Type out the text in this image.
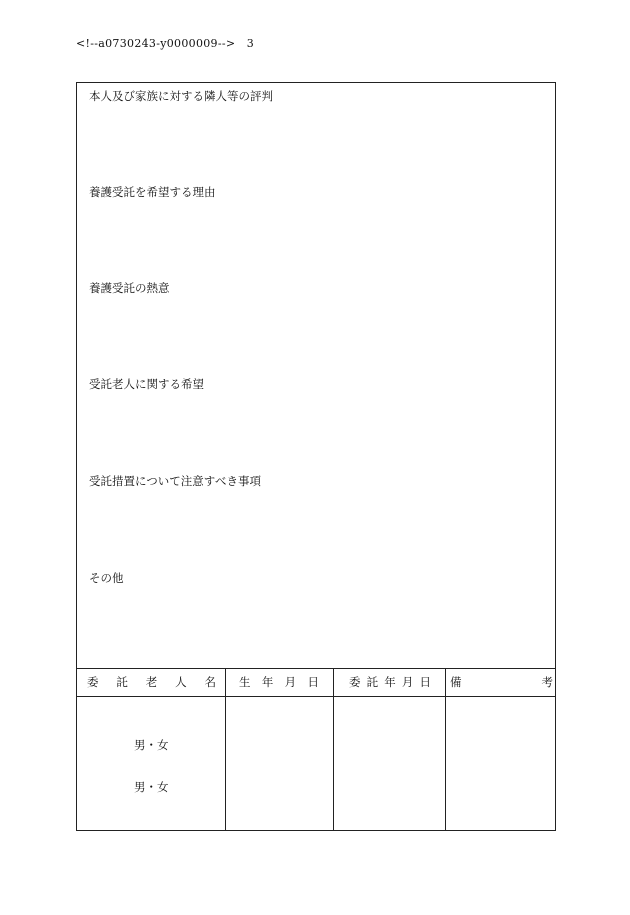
<!--a0730243-y0000009--> 3
本人及び家族に対する隣人等の評判
養護受託を希望する理由
養護受託の熱意
受託老人に関する希望
受託措置について注意すべき事項
その他
委 託 老 人 名 生 年 月 日	委 託 年 月 日 備	考
男・女
男・女
